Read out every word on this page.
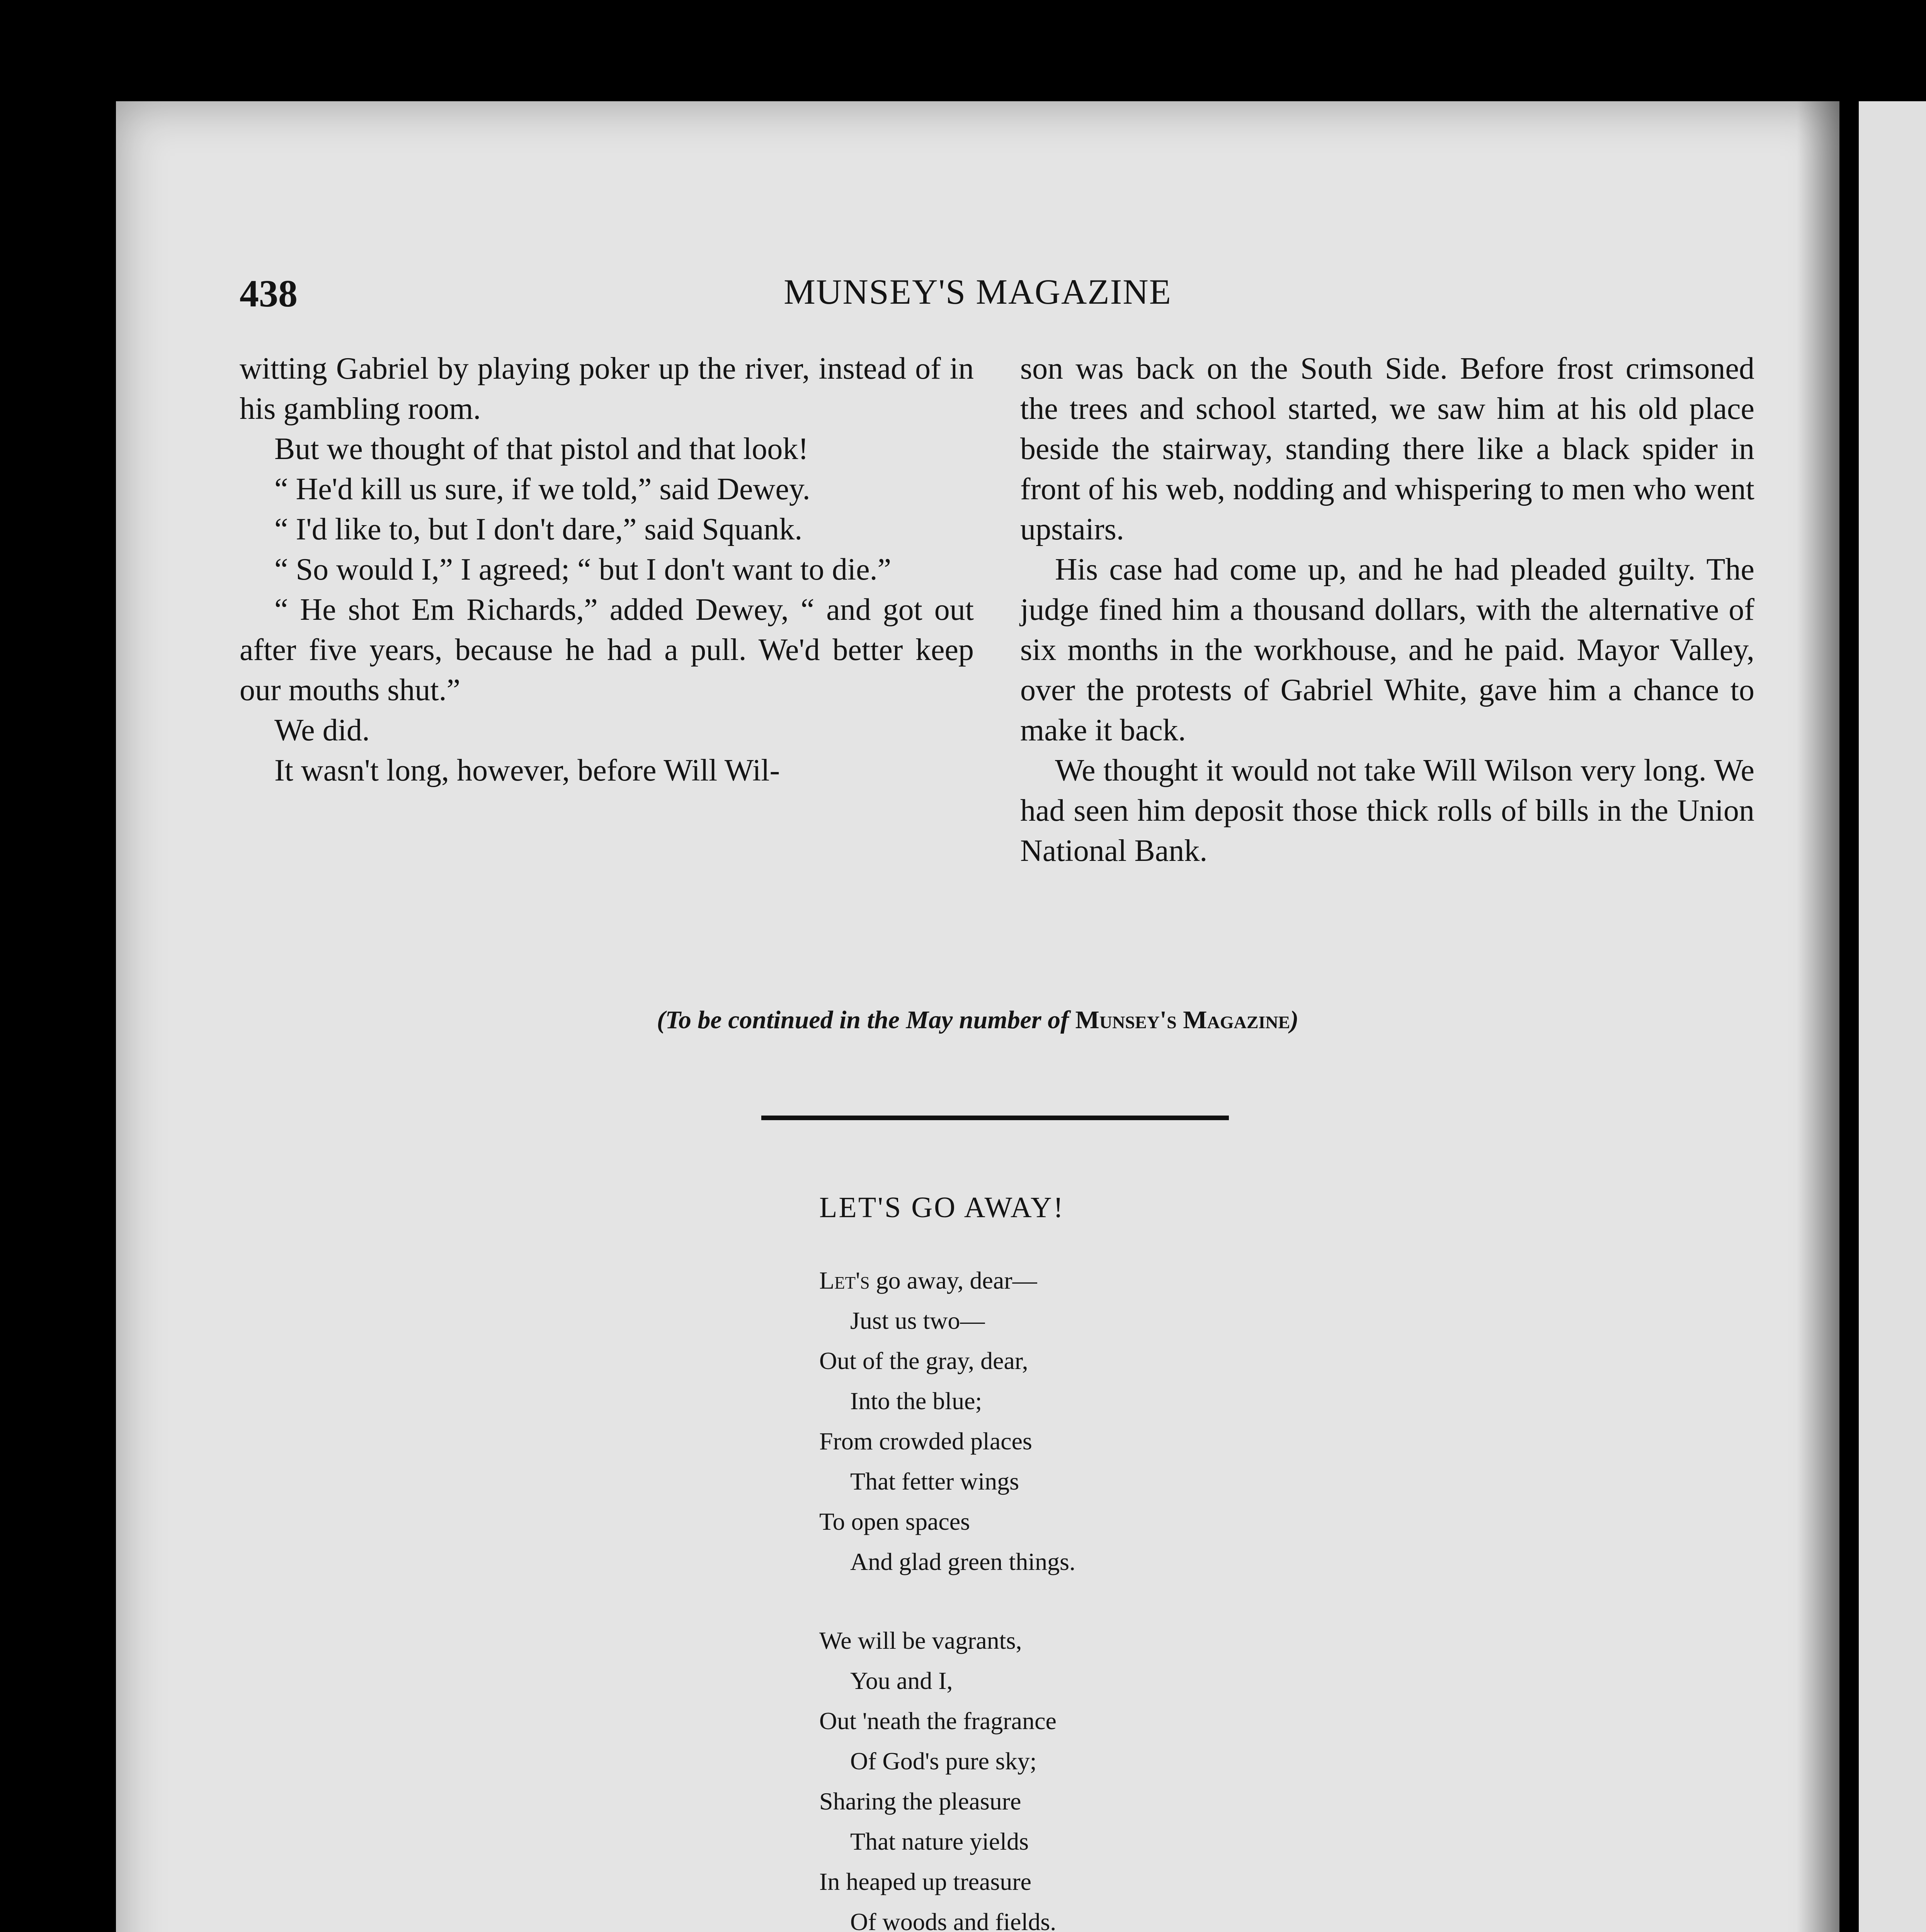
438	MUNSEY'S MAGAZINE

witting Gabriel by playing poker up the river, instead of in his gambling room.

But we thought of that pistol and that look!

“ He'd kill us sure, if we told,” said Dewey.

“ I'd like to, but I don't dare,” said Squank.

“ So would I,” I agreed; “ but I don't want to die.”

“ He shot Em Richards,” added Dewey, “ and got out after five years, because he had a pull. We'd better keep our mouths shut.”

We did.

It wasn't long, however, before Will Wil-

son was back on the South Side. Before frost crimsoned the trees and school started, we saw him at his old place beside the stairway, standing there like a black spider in front of his web, nodding and whispering to men who went upstairs.

His case had come up, and he had pleaded guilty. The judge fined him a thousand dollars, with the alternative of six months in the workhouse, and he paid. Mayor Valley, over the protests of Gabriel White, gave him a chance to make it back.

We thought it would not take Will Wilson very long. We had seen him deposit those thick rolls of bills in the Union National Bank.

(To be continued in the May number of Munsey's Magazine)
LET'S GO AWAY!
Let's go away, dear—
Just us two—
Out of the gray, dear,
Into the blue;
From crowded places
That fetter wings
To open spaces
And glad green things.
We will be vagrants,
You and I,
Out 'neath the fragrance
Of God's pure sky;
Sharing the pleasure
That nature yields
In heaped up treasure
Of woods and fields.
